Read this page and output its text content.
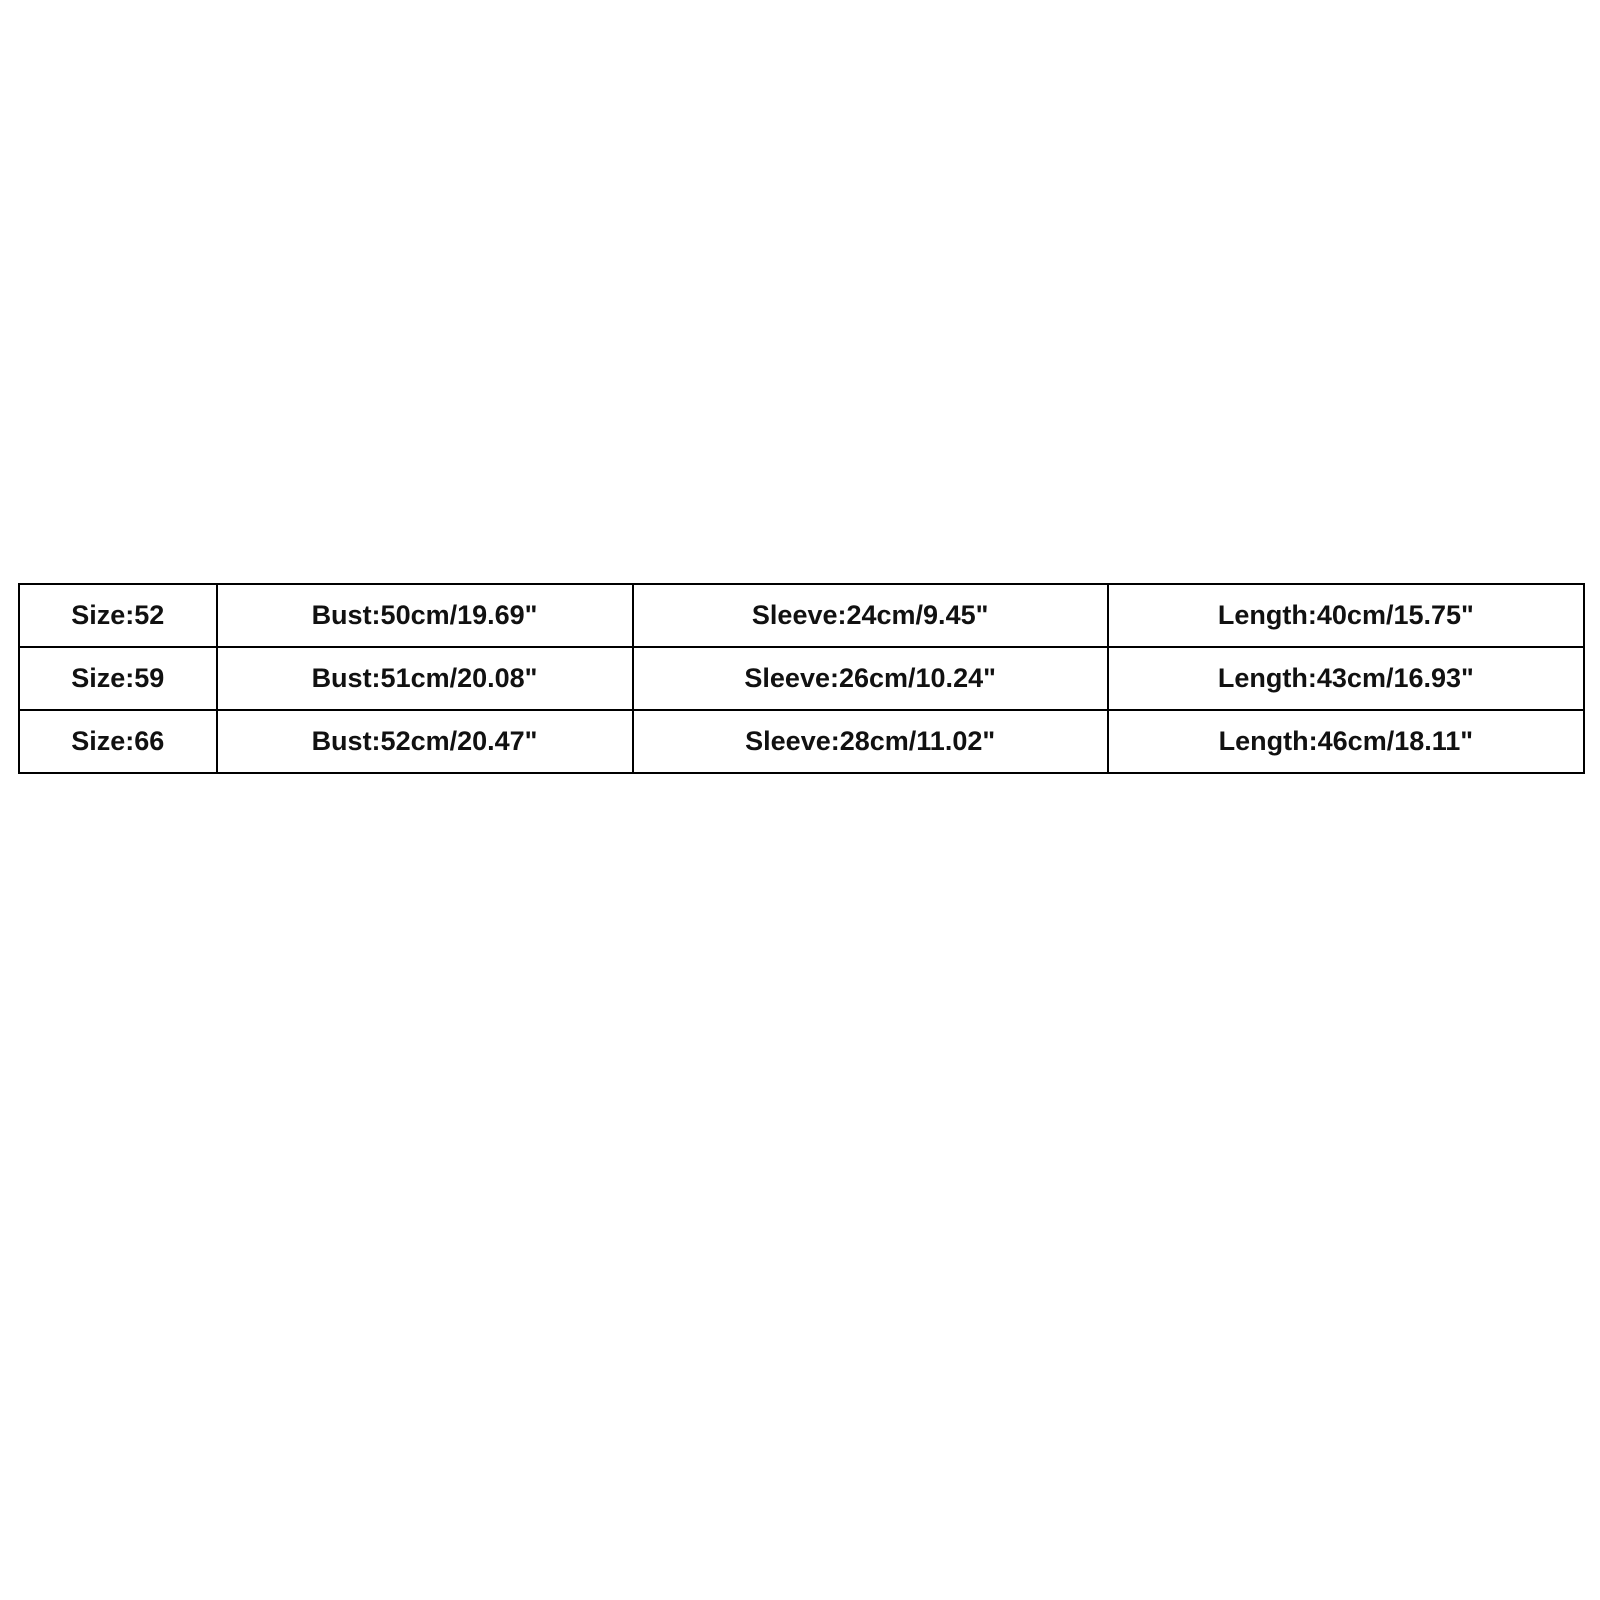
Size:52	Bust:50cm/19.69"	Sleeve:24cm/9.45"	Length:40cm/15.75"
Size:59	Bust:51cm/20.08"	Sleeve:26cm/10.24"	Length:43cm/16.93"
Size:66	Bust:52cm/20.47"	Sleeve:28cm/11.02"	Length:46cm/18.11"
